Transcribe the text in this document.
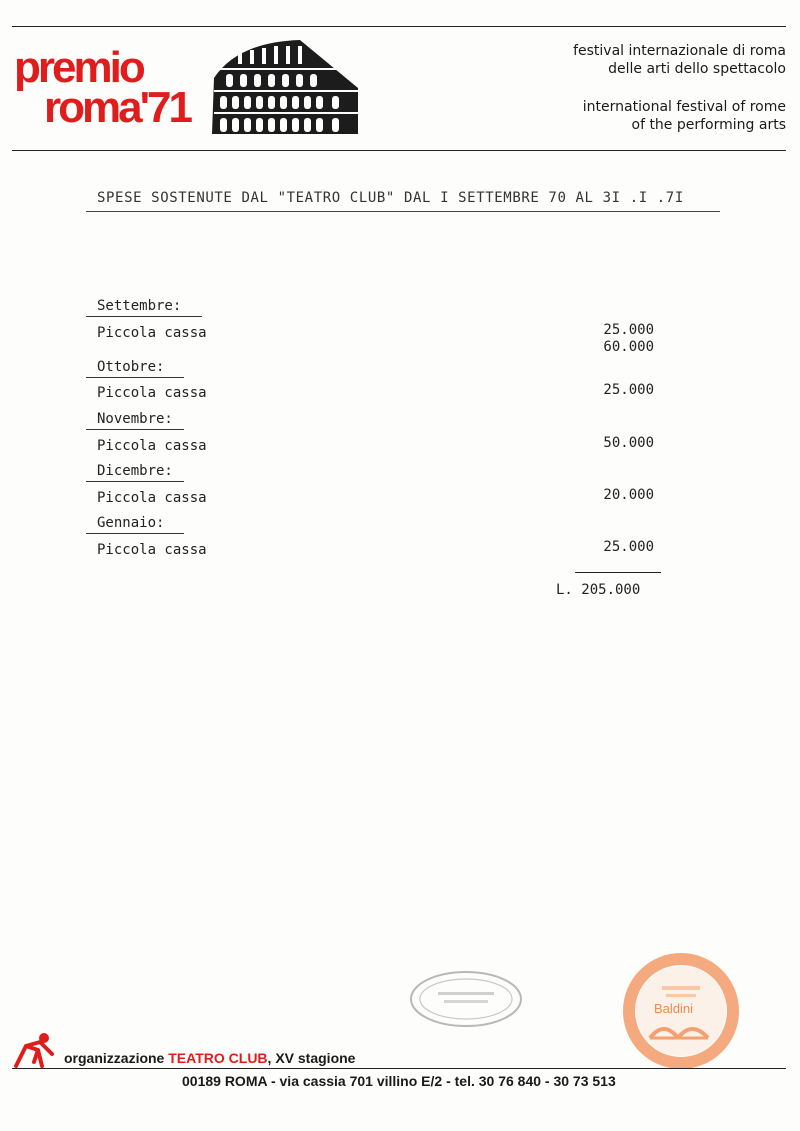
premio
roma'71
festival internazionale di roma
delle arti dello spettacolo
international festival of rome
of the performing arts
SPESE SOSTENUTE DAL "TEATRO CLUB" DAL I SETTEMBRE 70 AL 3I .I .7I
Settembre:
Piccola cassa	25.000
60.000
Ottobre:
Piccola cassa	25.000
Novembre:
Piccola cassa	50.000
Dicembre:
Piccola cassa	20.000
Gennaio:
Piccola cassa	25.000
L. 205.000
Baldini
organizzazione TEATRO CLUB, XV stagione
00189 ROMA - via cassia 701 villino E/2 - tel. 30 76 840 - 30 73 513
